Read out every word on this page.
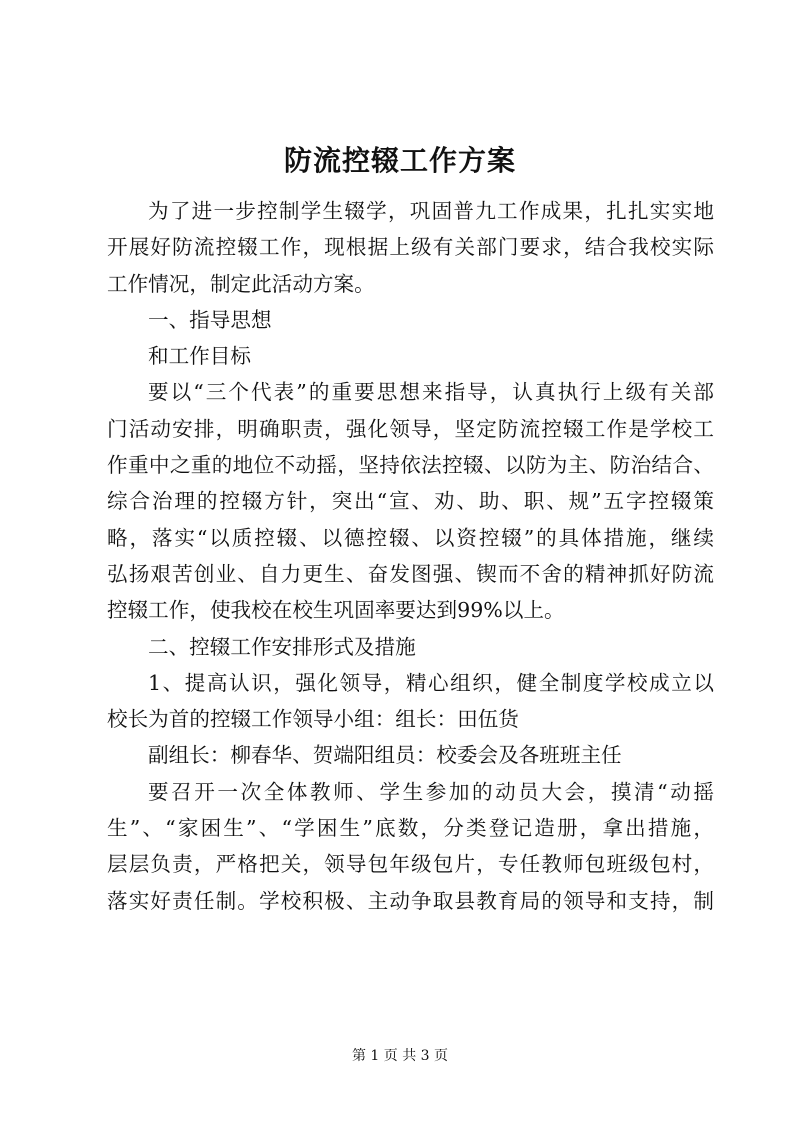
防流控辍工作方案
为了进一步控制学生辍学，巩固普九工作成果，扎扎实实地
开展好防流控辍工作，现根据上级有关部门要求，结合我校实际
工作情况，制定此活动方案。
一、指导思想
和工作目标
要以“三个代表”的重要思想来指导，认真执行上级有关部
门活动安排，明确职责，强化领导，坚定防流控辍工作是学校工
作重中之重的地位不动摇，坚持依法控辍、以防为主、防治结合、
综合治理的控辍方针，突出“宣、劝、助、职、规”五字控辍策
略，落实“以质控辍、以德控辍、以资控辍”的具体措施，继续
弘扬艰苦创业、自力更生、奋发图强、锲而不舍的精神抓好防流
控辍工作，使我校在校生巩固率要达到99%以上。
二、控辍工作安排形式及措施
1、提高认识，强化领导，精心组织，健全制度学校成立以
校长为首的控辍工作领导小组：组长：田伍货
副组长：柳春华、贺端阳组员：校委会及各班班主任
要召开一次全体教师、学生参加的动员大会，摸清“动摇
生”、“家困生”、“学困生”底数，分类登记造册，拿出措施，
层层负责，严格把关，领导包年级包片，专任教师包班级包村，
落实好责任制。学校积极、主动争取县教育局的领导和支持，制
第 1 页 共 3 页
